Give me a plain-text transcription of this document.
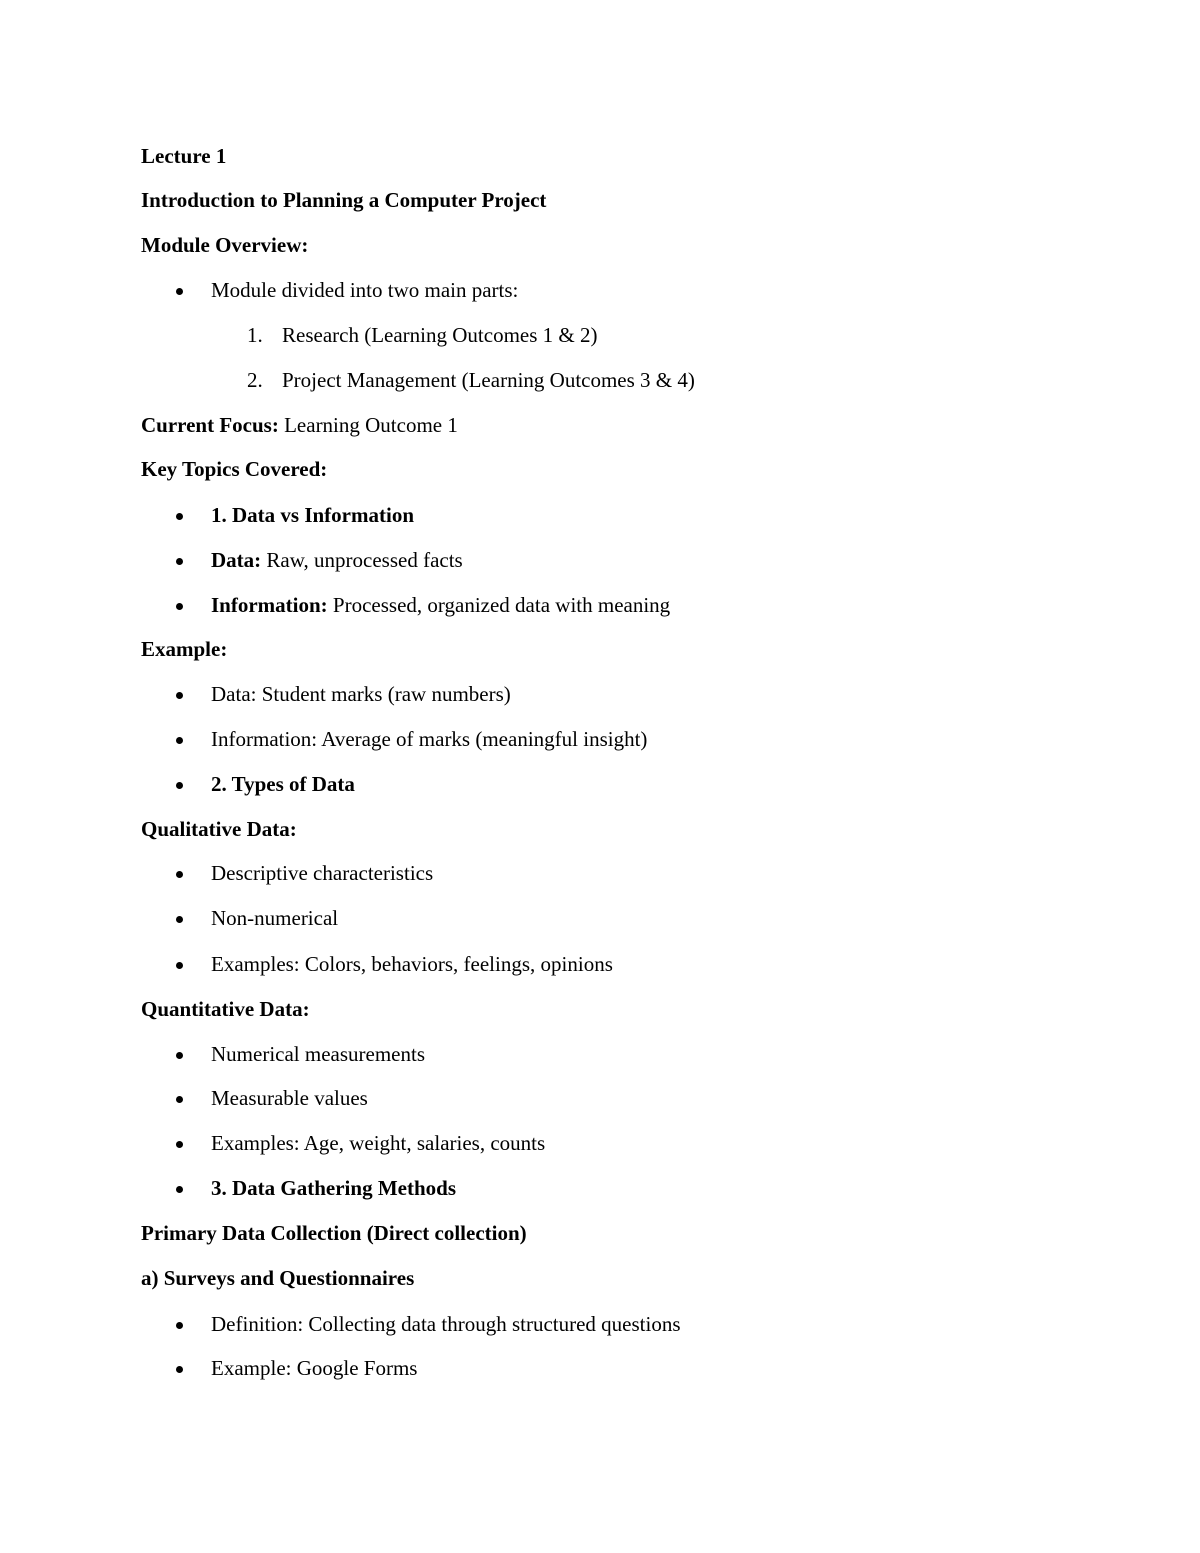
Lecture 1
Introduction to Planning a Computer Project
Module Overview:
Module divided into two main parts:
1. Research (Learning Outcomes 1 & 2)
2. Project Management (Learning Outcomes 3 & 4)
Current Focus: Learning Outcome 1
Key Topics Covered:
1. Data vs Information
Data: Raw, unprocessed facts
Information: Processed, organized data with meaning
Example:
Data: Student marks (raw numbers)
Information: Average of marks (meaningful insight)
2. Types of Data
Qualitative Data:
Descriptive characteristics
Non-numerical
Examples: Colors, behaviors, feelings, opinions
Quantitative Data:
Numerical measurements
Measurable values
Examples: Age, weight, salaries, counts
3. Data Gathering Methods
Primary Data Collection (Direct collection)
a) Surveys and Questionnaires
Definition: Collecting data through structured questions
Example: Google Forms
